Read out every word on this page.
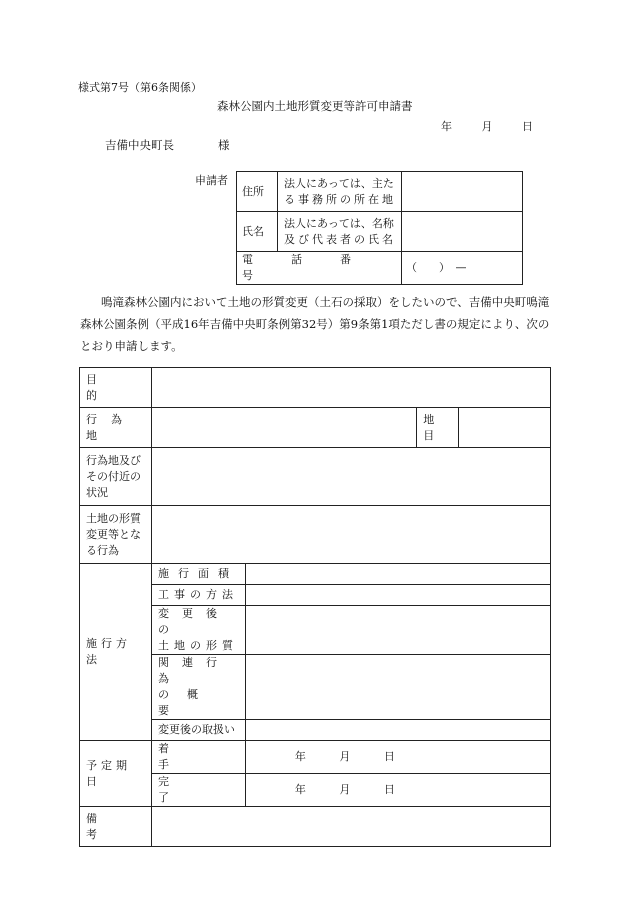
様式第7号（第6条関係）
森林公園内土地形質変更等許可申請書
年	月	日
吉備中央町長	様
申請者
住所	法人にあっては、主た
る事務所の所在地	

氏名	法人にあっては、名称
及び代表者の氏名	

電話番号		（　　）　—
鳴滝森林公園内において土地の形質変更（土石の採取）をしたいので、吉備中央町鳴滝
森林公園条例（平成16年吉備中央町条例第32号）第9条第1項ただし書の規定により、次の
とおり申請します。
目的				

行為地			地目	

行為地及び
その付近の
状況				

土地の形質
変更等とな
る行為				

施行方法	施行面積			

	工事の方法			

	変更後の
土地の形質			

	関連行為
の概要			

	変更後の取扱い			

予定期日	着手	年 月 日		

	完了	年 月 日		

備考				
